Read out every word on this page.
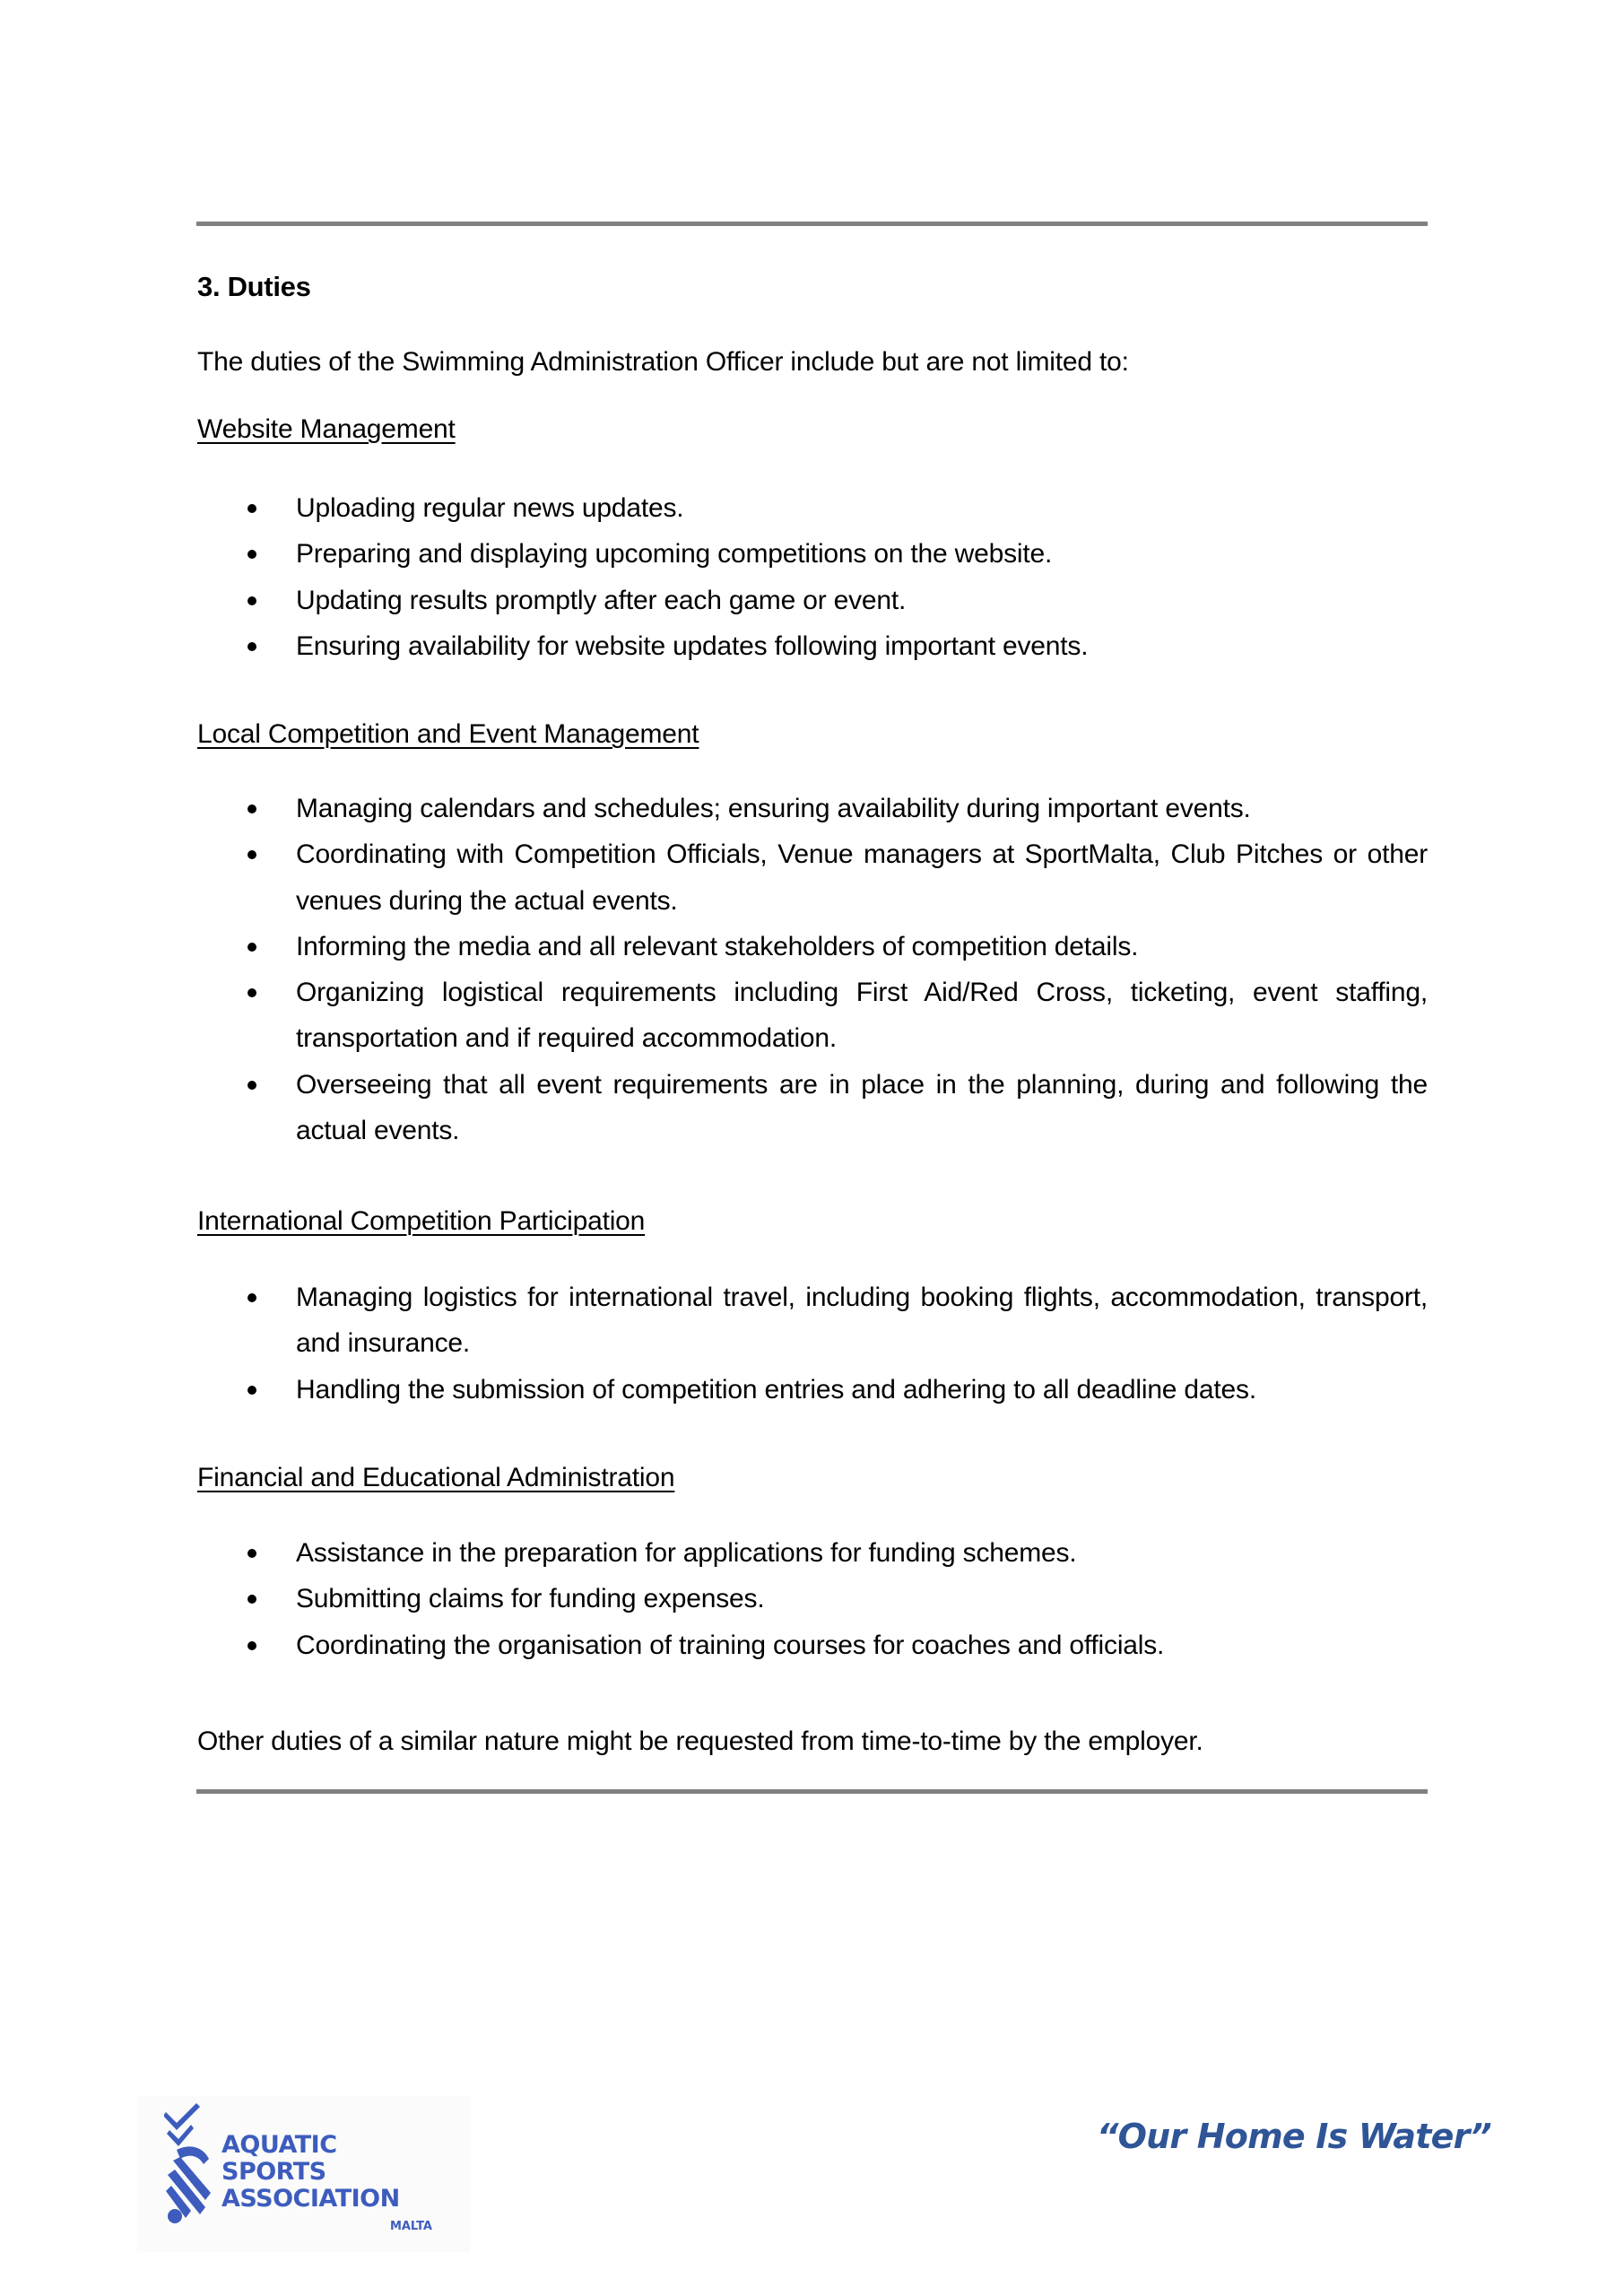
3. Duties
The duties of the Swimming Administration Officer include but are not limited to:
Website Management
Uploading regular news updates.
Preparing and displaying upcoming competitions on the website.
Updating results promptly after each game or event.
Ensuring availability for website updates following important events.
Local Competition and Event Management
Managing calendars and schedules; ensuring availability during important events.
Coordinating with Competition Officials, Venue managers at SportMalta, Club Pitches or other venues during the actual events.
Informing the media and all relevant stakeholders of competition details.
Organizing logistical requirements including First Aid/Red Cross, ticketing, event staffing, transportation and if required accommodation.
Overseeing that all event requirements are in place in the planning, during and following the actual events.
International Competition Participation
Managing logistics for international travel, including booking flights, accommodation, transport, and insurance.
Handling the submission of competition entries and adhering to all deadline dates.
Financial and Educational Administration
Assistance in the preparation for applications for funding schemes.
Submitting claims for funding expenses.
Coordinating the organisation of training courses for coaches and officials.
Other duties of a similar nature might be requested from time-to-time by the employer.
AQUATIC
SPORTS
ASSOCIATION
MALTA
“Our Home Is Water”
